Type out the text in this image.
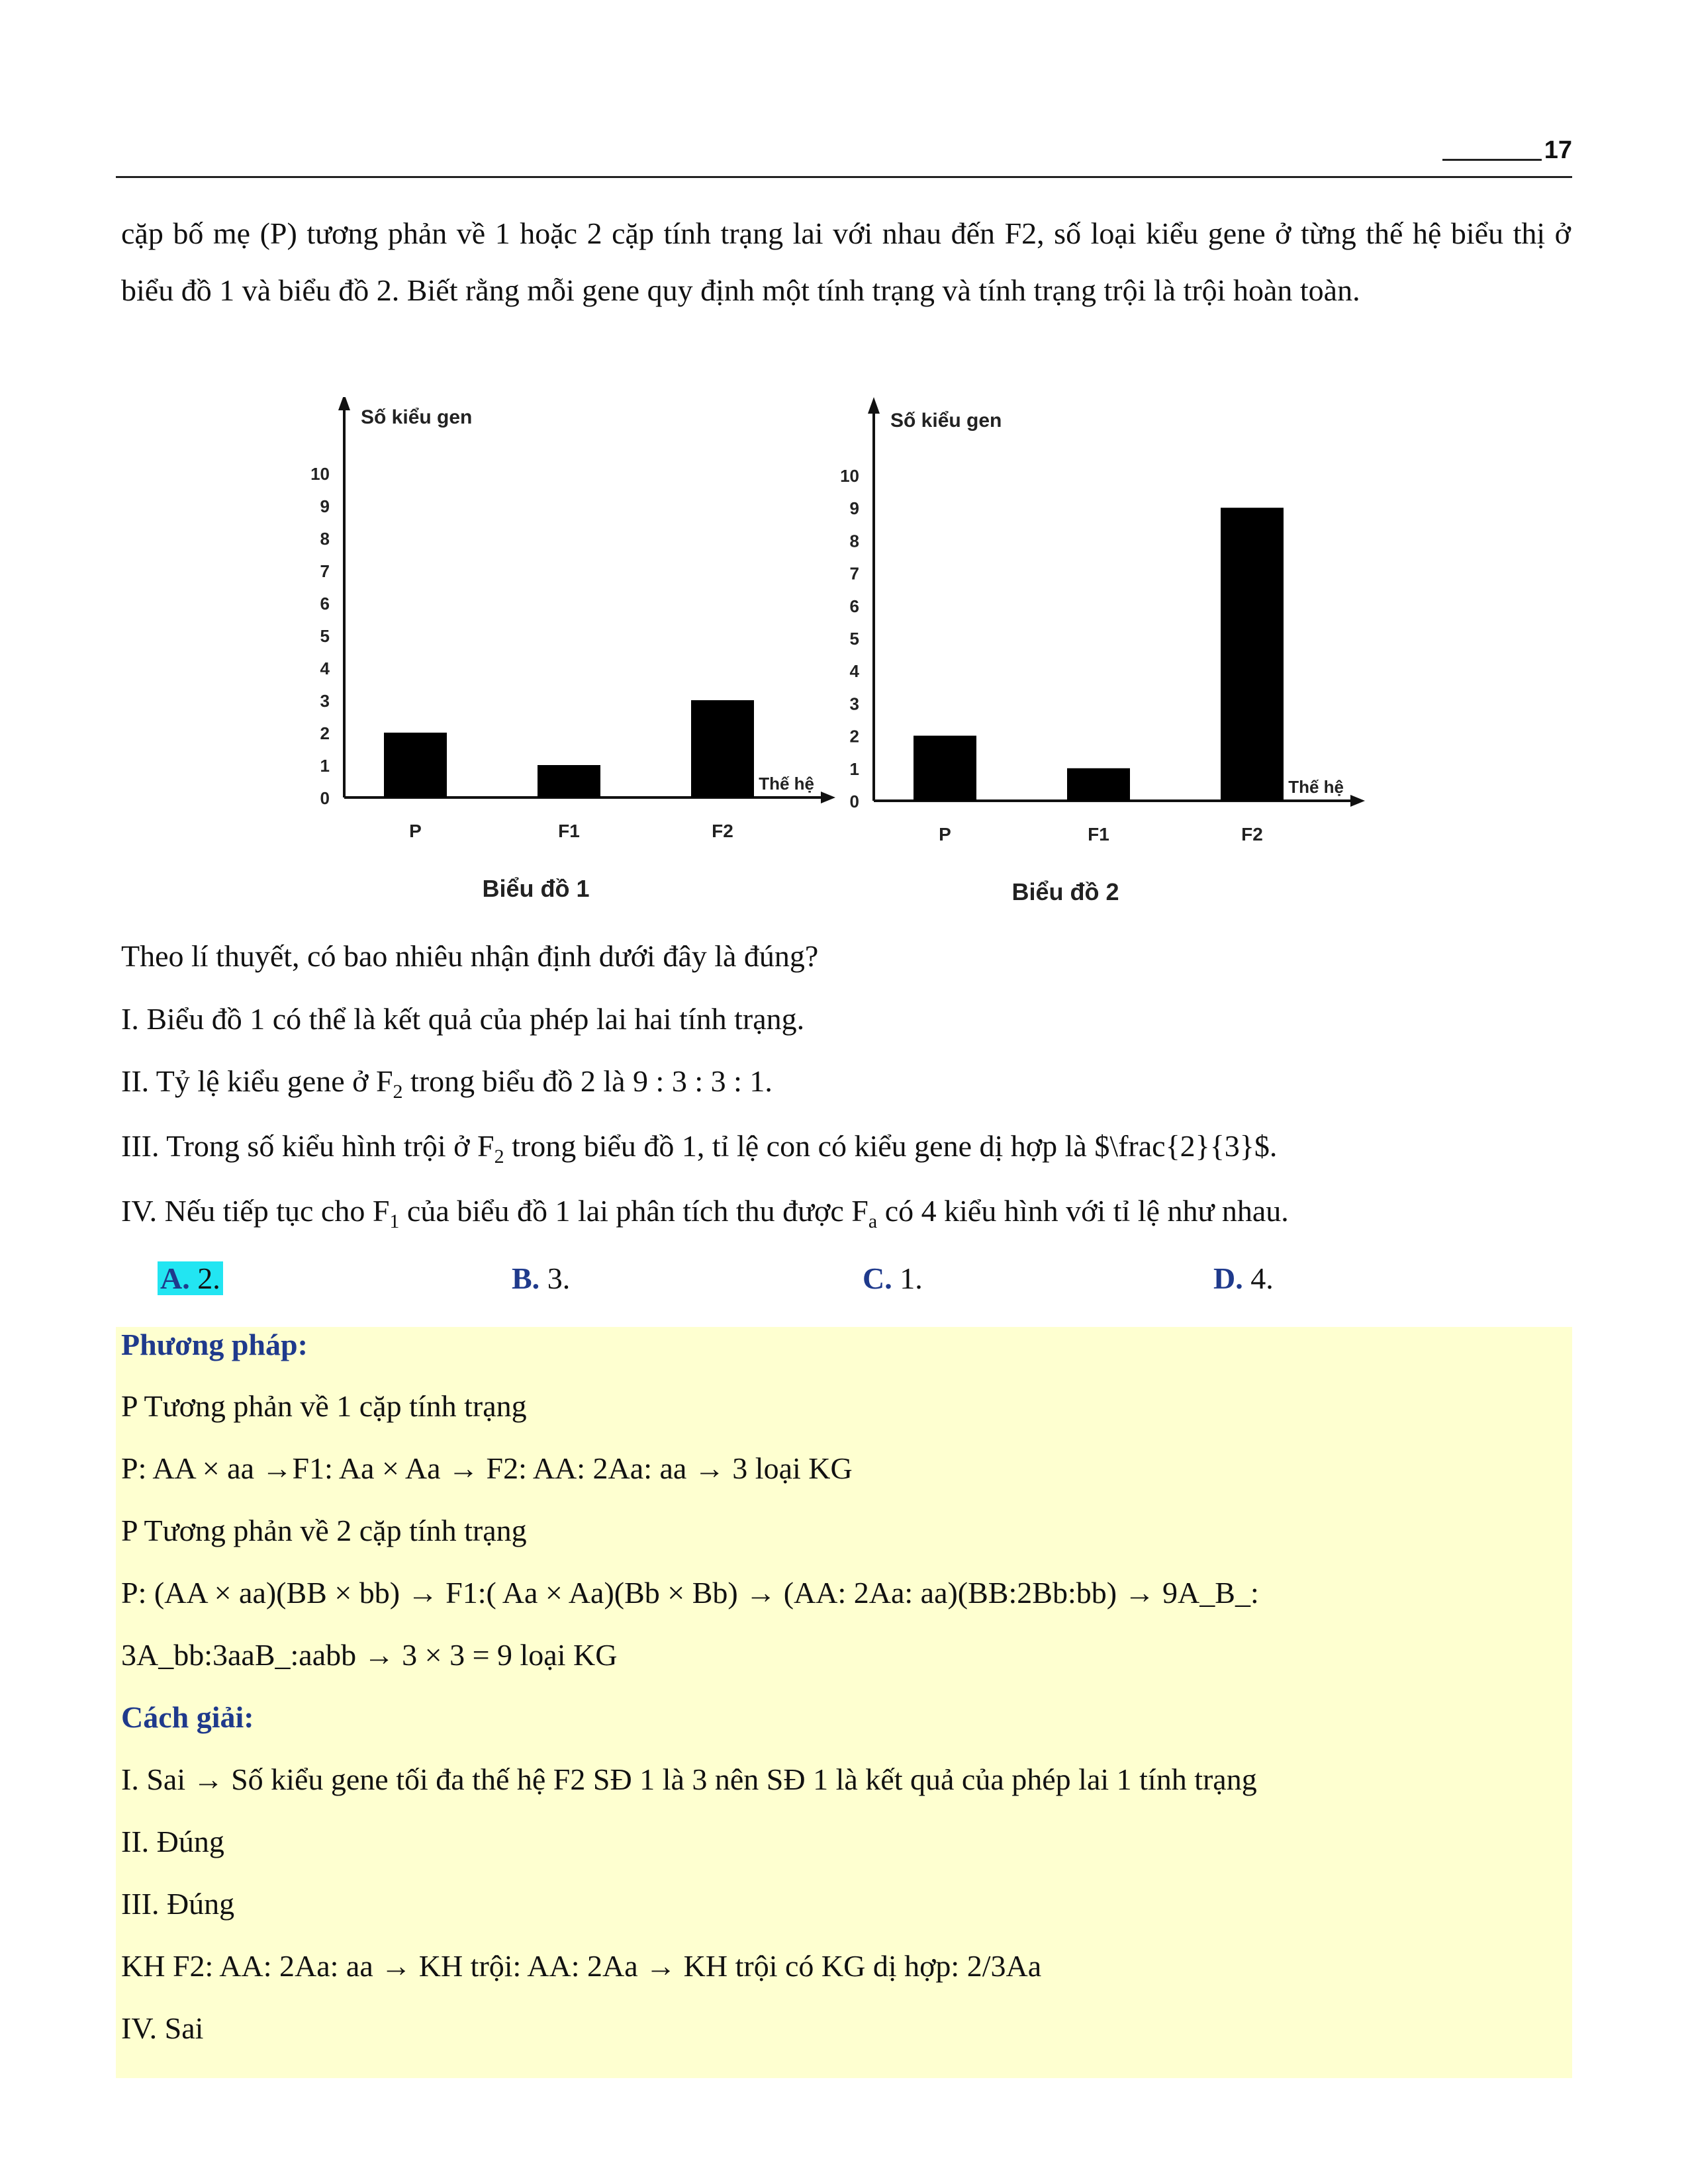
17
cặp bố mẹ (P) tương phản về 1 hoặc 2 cặp tính trạng lai với nhau đến F2, số loại kiểu gene ở từng thế hệ biểu thị ở biểu đồ 1 và biểu đồ 2. Biết rằng mỗi gene quy định một tính trạng và tính trạng trội là trội hoàn toàn.
Số kiểu gen
0
1
2
3
4
5
6
7
8
9
10
P	F1	F2
Thế hệ
Biểu đồ 1
Số kiểu gen
0
1
2
3
4
5
6
7
8
9
10
P	F1	F2
Thế hệ
Biểu đồ 2
Theo lí thuyết, có bao nhiêu nhận định dưới đây là đúng?
I. Biểu đồ 1 có thể là kết quả của phép lai hai tính trạng.
II. Tỷ lệ kiểu gene ở $F_2$ trong biểu đồ 2 là 9 : 3 : 3 : 1.
III. Trong số kiểu hình trội ở $F_2$ trong biểu đồ 1, tỉ lệ con có kiểu gene dị hợp là $\frac{2}{3}$.
IV. Nếu tiếp tục cho $F_1$ của biểu đồ 1 lai phân tích thu được $F_a$ có 4 kiểu hình với tỉ lệ như nhau.
A. 2.	B. 3.	C. 1.	D. 4.
Phương pháp:
P Tương phản về 1 cặp tính trạng
P: AA × aa →F1: Aa × Aa → F2: AA: 2Aa: aa → 3 loại KG
P Tương phản về 2 cặp tính trạng
P: (AA × aa)(BB × bb) → F1:( Aa × Aa)(Bb × Bb) → (AA: 2Aa: aa)(BB:2Bb:bb) → 9A_B_:
3A_bb:3aaB_:aabb → 3 × 3 = 9 loại KG
Cách giải:
I. Sai → Số kiểu gene tối đa thế hệ F2 SĐ 1 là 3 nên SĐ 1 là kết quả của phép lai 1 tính trạng
II. Đúng
III. Đúng
KH F2: AA: 2Aa: aa → KH trội: AA: 2Aa → KH trội có KG dị hợp: 2/3Aa
IV. Sai
